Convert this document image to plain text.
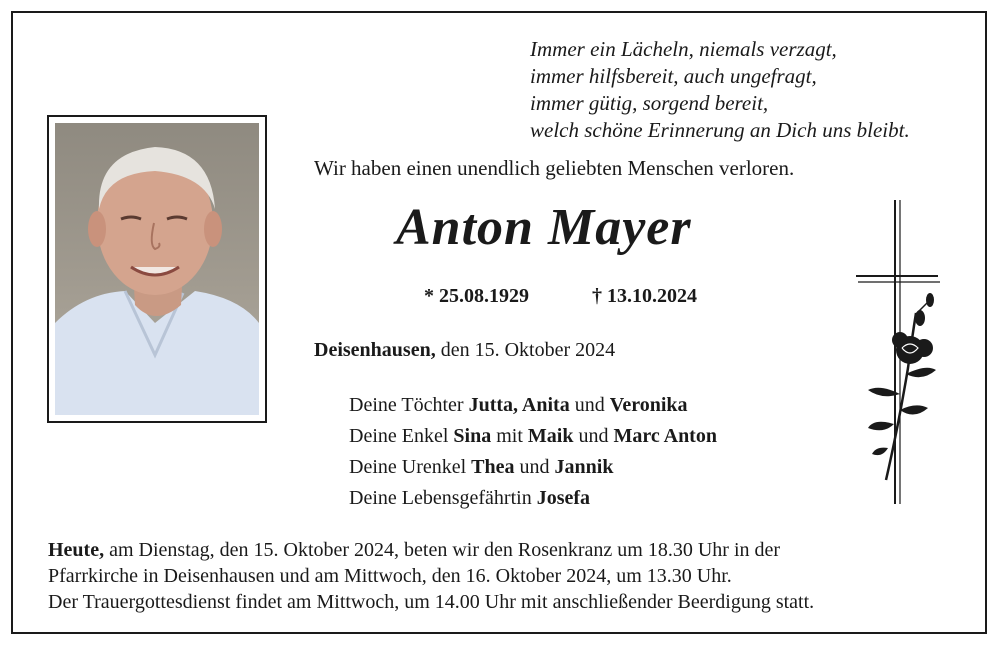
Immer ein Lächeln, niemals verzagt,
immer hilfsbereit, auch ungefragt,
immer gütig, sorgend bereit,
welch schöne Erinnerung an Dich uns bleibt.
Wir haben einen unendlich geliebten Menschen verloren.
Anton Mayer
* 25.08.1929	† 13.10.2024
Deisenhausen, den 15. Oktober 2024
Deine Töchter Jutta, Anita und Veronika
Deine Enkel Sina mit Maik und Marc Anton
Deine Urenkel Thea und Jannik
Deine Lebensgefährtin Josefa
Heute, am Dienstag, den 15. Oktober 2024, beten wir den Rosenkranz um 18.30 Uhr in der
Pfarrkirche in Deisenhausen und am Mittwoch, den 16. Oktober 2024, um 13.30 Uhr.
Der Trauergottesdienst findet am Mittwoch, um 14.00 Uhr mit anschließender Beerdigung statt.
